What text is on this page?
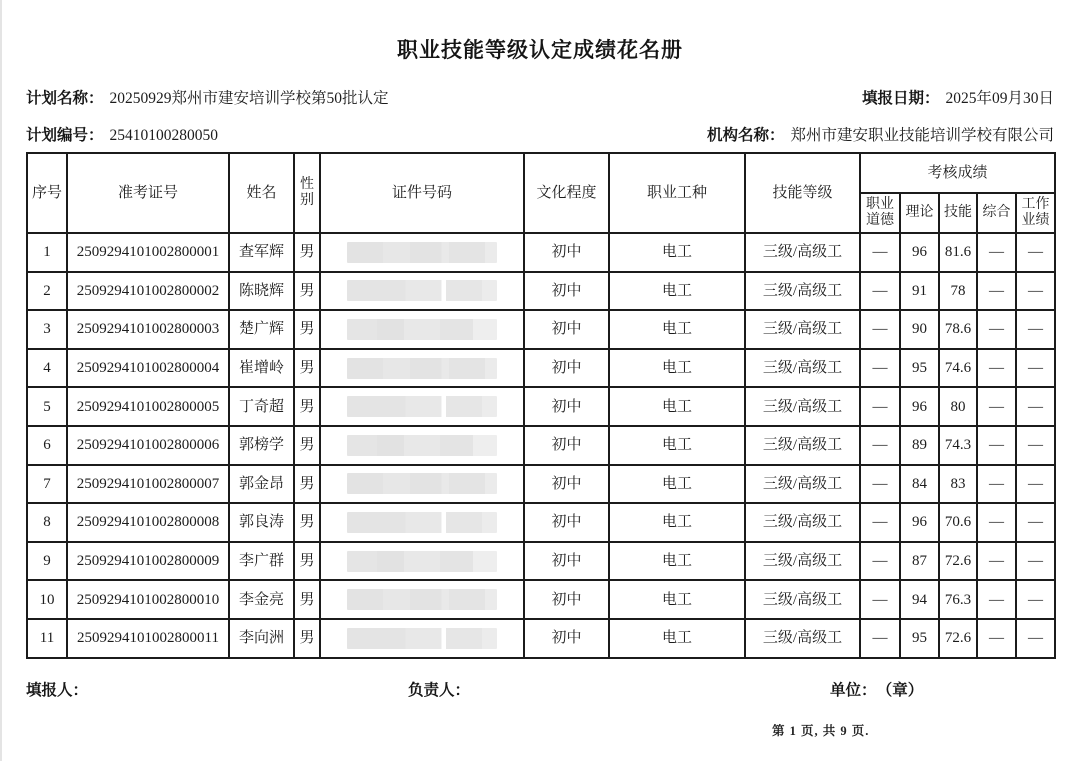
职业技能等级认定成绩花名册
计划名称： 20250929郑州市建安培训学校第50批认定	填报日期： 2025年09月30日
计划编号： 25410100280050	机构名称： 郑州市建安职业技能培训学校有限公司
序号	准考证号	姓名	性别	证件号码	文化程度	职业工种	技能等级	考核成绩				
								职业道德	理论	技能	综合	工作业绩
1	2509294101002800001	查军辉	男		初中	电工	三级/高级工	—	96	81.6	—	—
2	2509294101002800002	陈晓辉	男		初中	电工	三级/高级工	—	91	78	—	—
3	2509294101002800003	楚广辉	男		初中	电工	三级/高级工	—	90	78.6	—	—
4	2509294101002800004	崔增岭	男		初中	电工	三级/高级工	—	95	74.6	—	—
5	2509294101002800005	丁奇超	男		初中	电工	三级/高级工	—	96	80	—	—
6	2509294101002800006	郭榜学	男		初中	电工	三级/高级工	—	89	74.3	—	—
7	2509294101002800007	郭金昂	男		初中	电工	三级/高级工	—	84	83	—	—
8	2509294101002800008	郭良涛	男		初中	电工	三级/高级工	—	96	70.6	—	—
9	2509294101002800009	李广群	男		初中	电工	三级/高级工	—	87	72.6	—	—
10	2509294101002800010	李金亮	男		初中	电工	三级/高级工	—	94	76.3	—	—
11	2509294101002800011	李向洲	男		初中	电工	三级/高级工	—	95	72.6	—	—
填报人：	负责人：	单位： （章）
第 1 页, 共 9 页.
